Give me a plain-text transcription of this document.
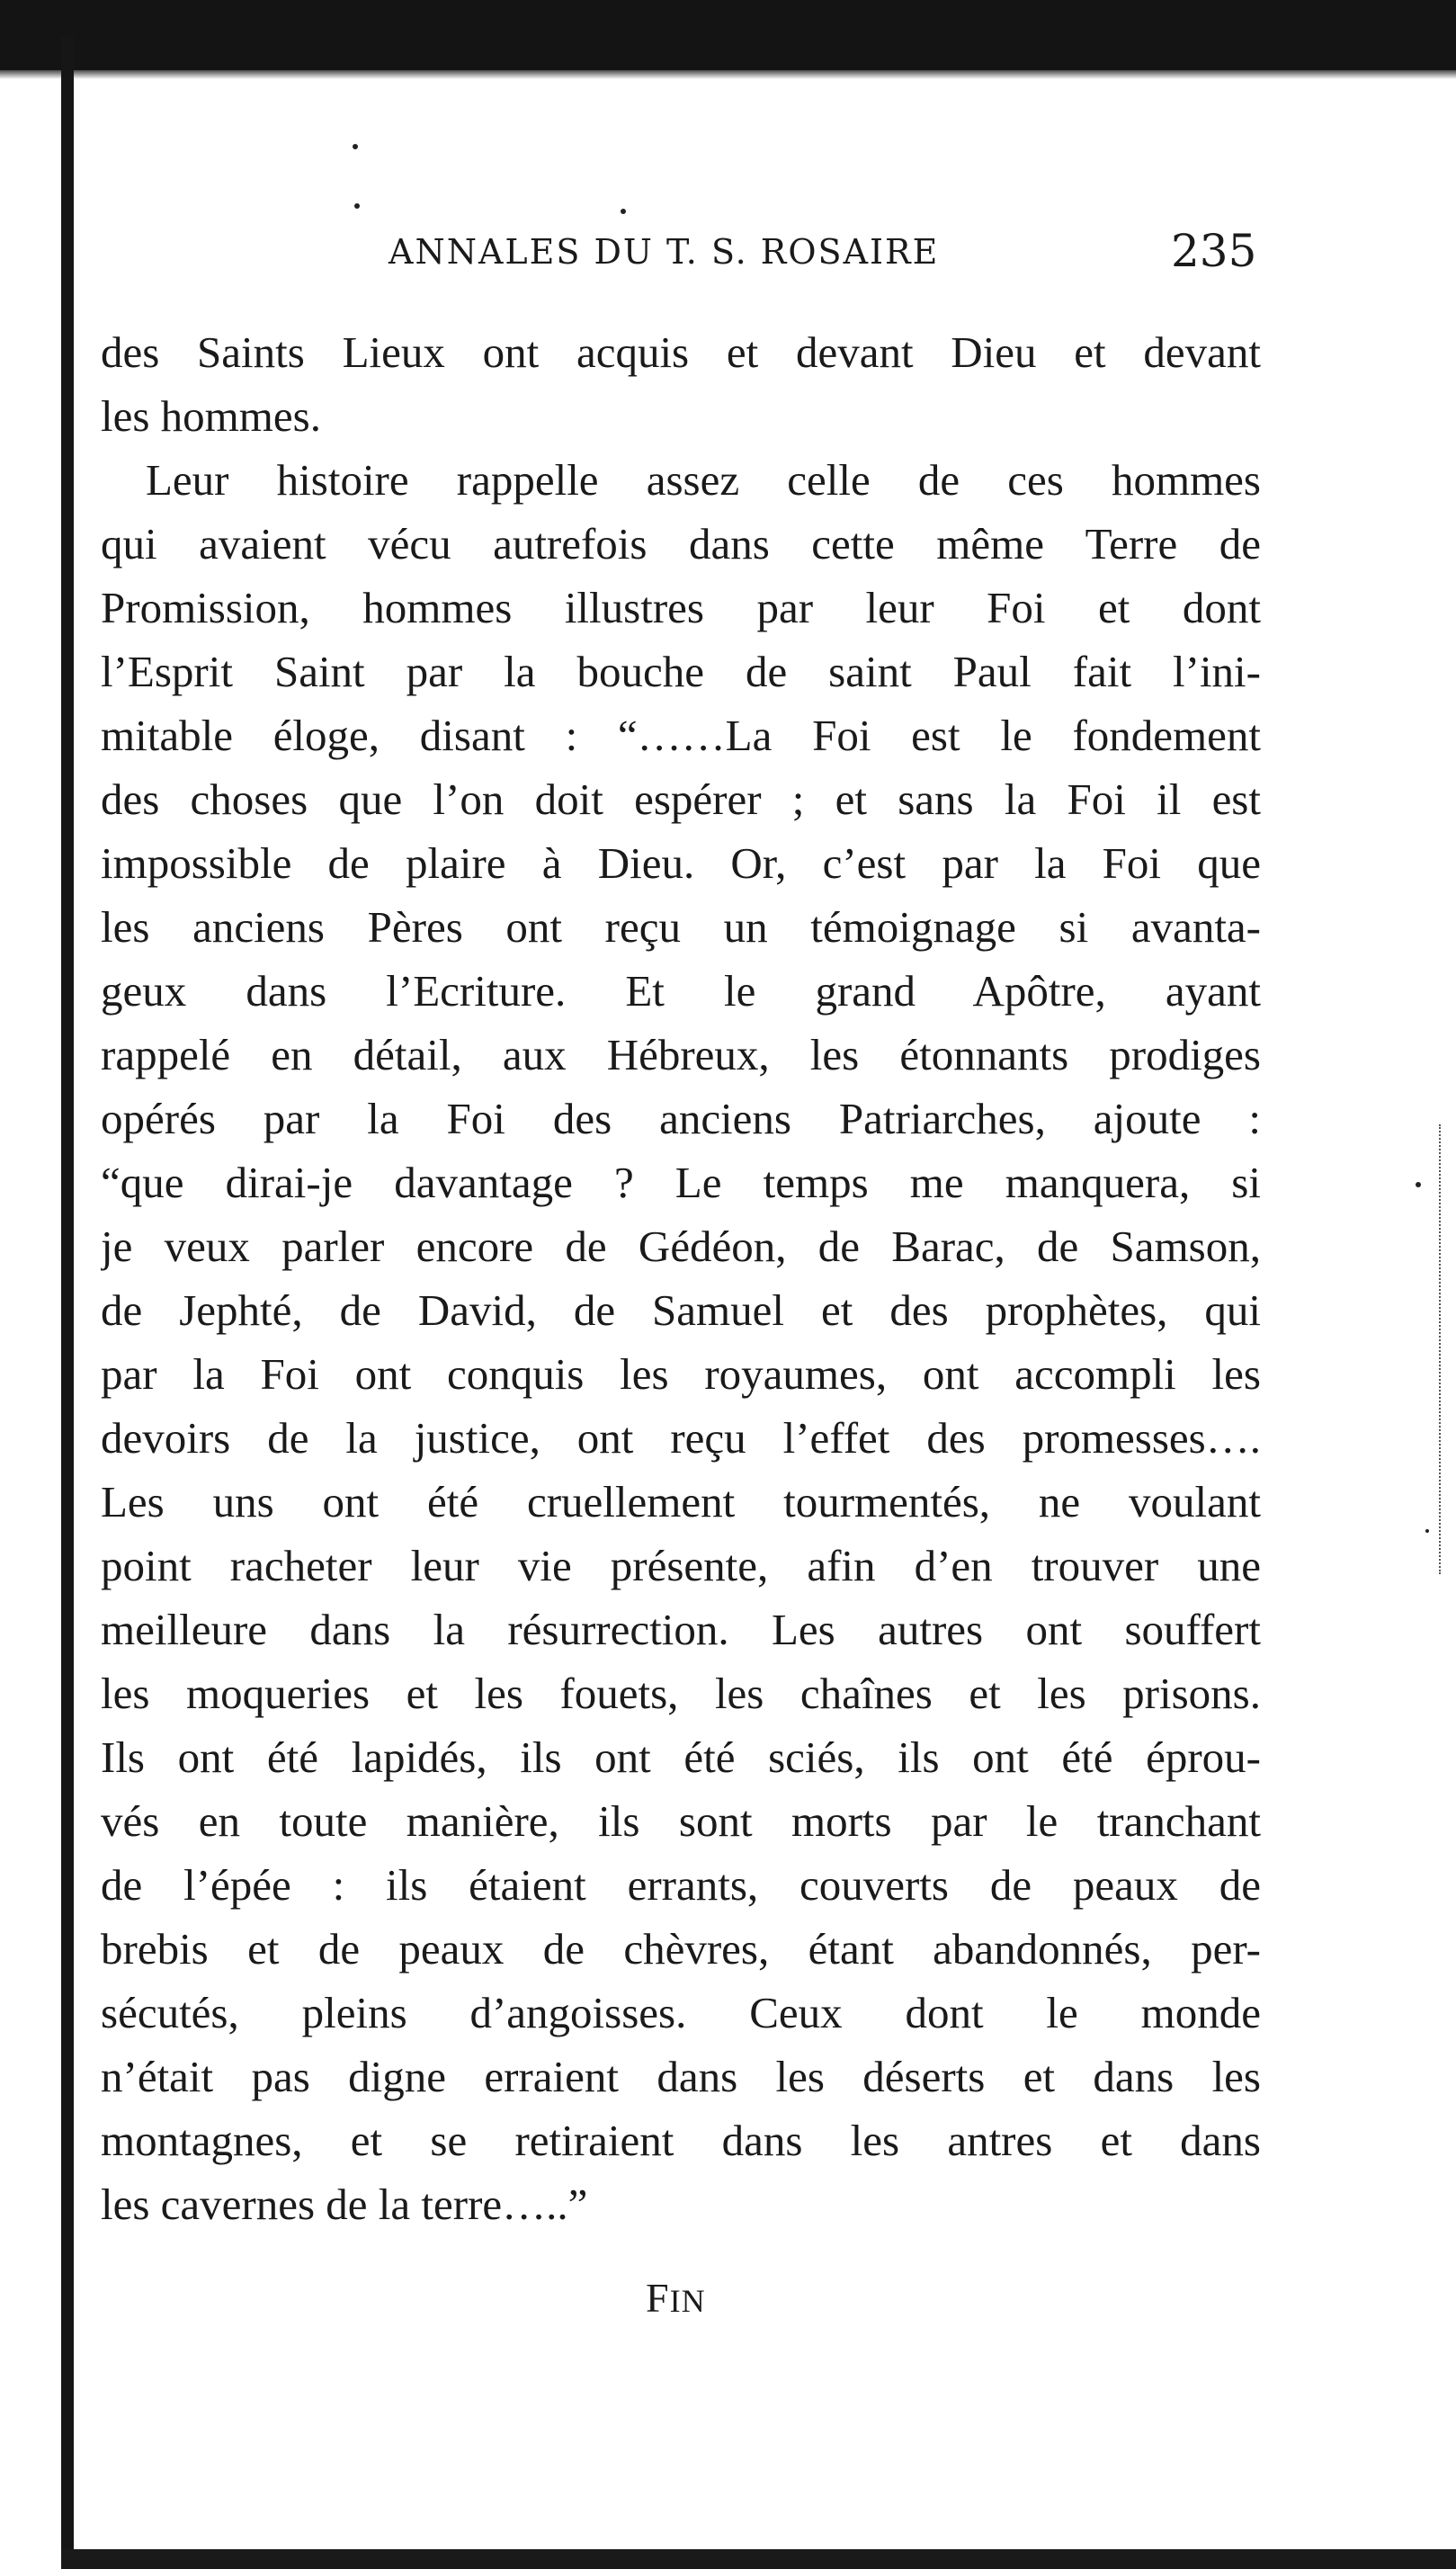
ANNALES DU T. S. ROSAIRE	235
des Saints Lieux ont acquis et devant Dieu et devant
les hommes.
Leur histoire rappelle assez celle de ces hommes
qui avaient vécu autrefois dans cette même Terre de
Promission, hommes illustres par leur Foi et dont
l’Esprit Saint par la bouche de saint Paul fait l’ini-
mitable éloge, disant : “……La Foi est le fondement
des choses que l’on doit espérer ; et sans la Foi il est
impossible de plaire à Dieu. Or, c’est par la Foi que
les anciens Pères ont reçu un témoignage si avanta-
geux dans l’Ecriture. Et le grand Apôtre, ayant
rappelé en détail, aux Hébreux, les étonnants prodiges
opérés par la Foi des anciens Patriarches, ajoute :
“que dirai-je davantage ? Le temps me manquera, si
je veux parler encore de Gédéon, de Barac, de Samson,
de Jephté, de David, de Samuel et des prophètes, qui
par la Foi ont conquis les royaumes, ont accompli les
devoirs de la justice, ont reçu l’effet des promesses….
Les uns ont été cruellement tourmentés, ne voulant
point racheter leur vie présente, afin d’en trouver une
meilleure dans la résurrection. Les autres ont souffert
les moqueries et les fouets, les chaînes et les prisons.
Ils ont été lapidés, ils ont été sciés, ils ont été éprou-
vés en toute manière, ils sont morts par le tranchant
de l’épée : ils étaient errants, couverts de peaux de
brebis et de peaux de chèvres, étant abandonnés, per-
sécutés, pleins d’angoisses. Ceux dont le monde
n’était pas digne erraient dans les déserts et dans les
montagnes, et se retiraient dans les antres et dans
les cavernes de la terre…..”
FIN
